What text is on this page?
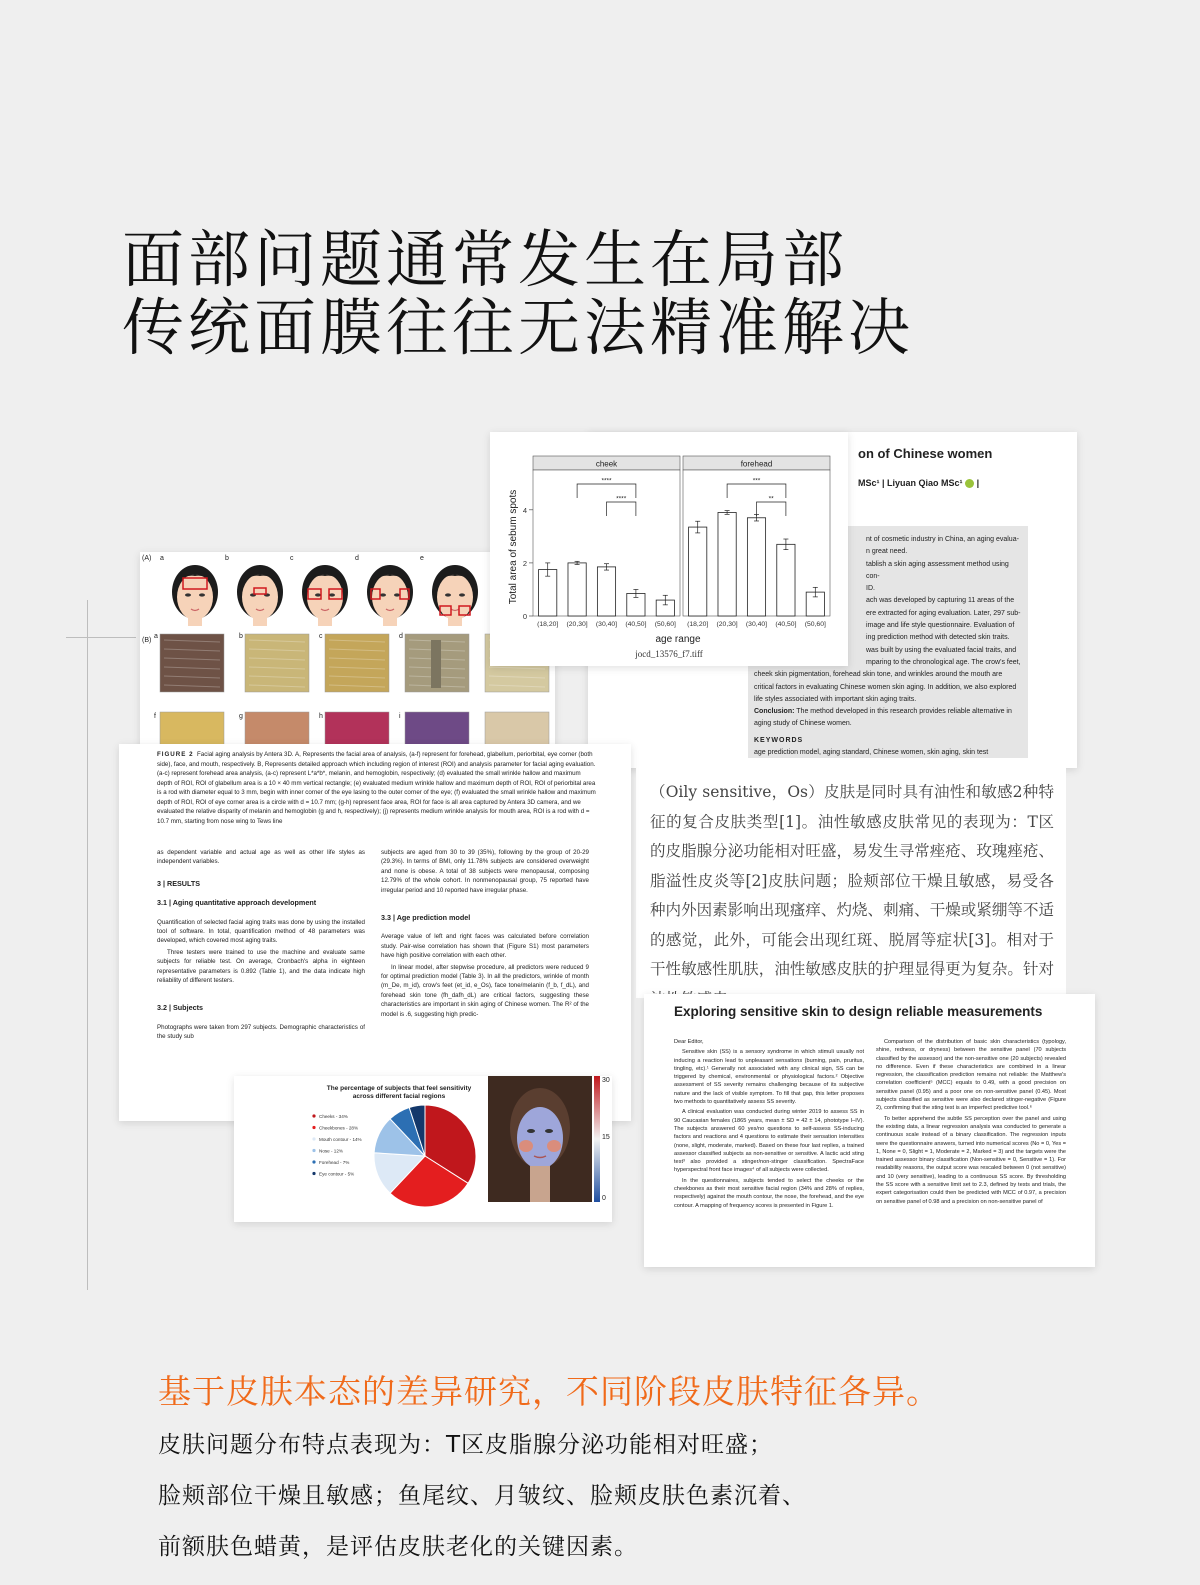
面部问题通常发生在局部
传统面膜往往无法精准解决
on of Chinese women
MSc¹ | Liyuan Qiao MSc¹ |
nt of cosmetic industry in China, an aging evalua-
n great need.
tablish a skin aging assessment method using con-
ID.
ach was developed by capturing 11 areas of the
ere extracted for aging evaluation. Later, 297 sub-
image and life style questionnaire. Evaluation of
ing prediction method with detected skin traits.
was built by using the evaluated facial traits, and
mparing to the chronological age. The crow's feet,
cheek skin pigmentation, forehead skin tone, and wrinkles around the mouth are
critical factors in evaluating Chinese women skin aging. In addition, we also explored
life styles associated with important skin aging traits.
Conclusion: The method developed in this research provides reliable alternative in aging study of Chinese women.
KEYWORDS
age prediction model, aging standard, Chinese women, skin aging, skin test
(A)
(B)
a	b	c	d	e
a	b	c	d
f	g	h	i
Total area of sebum spots
age range
0
2
4
cheek
(18,20] (20,30] (30,40] (40,50] (50,60]
****
****
forehead
(18,20] (20,30] (30,40] (40,50] (50,60]
***
**
jocd_13576_f7.tiff
（Oily sensitive，Os）皮肤是同时具有油性和敏感2种特征的复合皮肤类型[1]。油性敏感皮肤常见的表现为：T区的皮脂腺分泌功能相对旺盛，易发生寻常痤疮、玫瑰痤疮、脂溢性皮炎等[2]皮肤问题；脸颊部位干燥且敏感，易受各种内外因素影响出现瘙痒、灼烧、刺痛、干燥或紧绷等不适的感觉，此外，可能会出现红斑、脱屑等症状[3]。相对于干性敏感性肌肤，油性敏感皮肤的护理显得更为复杂。针对
FIGURE 2 Facial aging analysis by Antera 3D. A, Represents the facial area of analysis, (a-f) represent for forehead, glabellum, periorbital, eye corner (both side), face, and mouth, respectively. B, Represents detailed approach which including region of interest (ROI) and analysis parameter for facial aging evaluation. (a-c) represent forehead area analysis, (a-c) represent L*a*b*, melanin, and hemoglobin, respectively; (d) evaluated the small wrinkle hallow and maximum depth of ROI, ROI of glabellum area is a 10 × 40 mm vertical rectangle; (e) evaluated medium wrinkle hallow and maximum depth of ROI, ROI of periorbital area is a rod with diameter equal to 3 mm, begin with inner corner of the eye lasing to the outer corner of the eye; (f) evaluated the small wrinkle hallow and maximum depth of ROI, ROI of eye corner area is a circle with d = 10.7 mm; (g-h) represent face area, ROI for face is all area captured by Antera 3D camera, and we evaluated the relative disparity of melanin and hemoglobin (g and h, respectively); (j) represents medium wrinkle analysis for mouth area, ROI is a rod with d = 10.7 mm, starting from nose wing to Tews line

as dependent variable and actual age as well as other life styles as independent variables.

3 | RESULTS
3.1 | Aging quantitative approach development

Quantification of selected facial aging traits was done by using the installed tool of software. In total, quantification method of 48 parameters was developed, which covered most aging traits.

Three testers were trained to use the machine and evaluate same subjects for reliable test. On average, Cronbach's alpha in eighteen representative parameters is 0.892 (Table 1), and the data indicate high reliability of different testers.

3.2 | Subjects

Photographs were taken from 297 subjects. Demographic characteristics of the study sub

subjects are aged from 30 to 39 (35%), following by the group of 20-29 (29.3%). In terms of BMI, only 11.78% subjects are considered overweight and none is obese. A total of 38 subjects were menopausal, composing 12.79% of the whole cohort. In nonmenopausal group, 75 reported have irregular period and 10 reported have irregular phase.

3.3 | Age prediction model

Average value of left and right faces was calculated before correlation study. Pair-wise correlation has shown that (Figure S1) most parameters have high positive correlation with each other.

In linear model, after stepwise procedure, all predictors were reduced 9 for optimal prediction model (Table 3). In all the predictors, wrinkle of month (m_De, m_id), crow's feet (et_id, e_Os), face tone/melanin (f_b, f_dL), and forehead skin tone (fh_dafh_dL) are critical factors, suggesting these characteristics are important in skin aging of Chinese women. The R² of the model is .6, suggesting high predic-	Exploring sensitive skin to design reliable measurements

Dear Editor,

Sensitive skin (SS) is a sensory syndrome in which stimuli usually not inducing a reaction lead to unpleasant sensations (burning, pain, pruritus, tingling, etc).¹ Generally not associated with any clinical sign, SS can be triggered by chemical, environmental or physiological factors.² Objective assessment of SS severity remains challenging because of its subjective nature and the lack of visible symptom. To fill that gap, this letter proposes two methods to quantitatively assess SS severity.

A clinical evaluation was conducted during winter 2019 to assess SS in 90 Caucasian females (1865 years, mean ± SD = 42 ± 14, phototype I–IV). The subjects answered 60 yes/no questions to self-assess SS-inducing factors and reactions and 4 questions to estimate their sensation intensities (none, slight, moderate, marked). Based on these four last replies, a trained assessor classified subjects as non-sensitive or sensitive. A lactic acid sting test³ also provided a stinger/non-stinger classification. SpectraFace hyperspectral front face images⁴ of all subjects were collected.

In the questionnaires, subjects tended to select the cheeks or the cheekbones as their most sensitive facial region (34% and 28% of replies, respectively) against the mouth contour, the nose, the forehead, and the eye contour. A mapping of frequency scores is presented in Figure 1.

Comparison of the distribution of basic skin characteristics (typology, shine, redness, or dryness) between the sensitive panel (70 subjects classified by the assessor) and the non-sensitive one (20 subjects) revealed no difference. Even if these characteristics are combined in a linear regression, the classification prediction remains not reliable: the Matthew's correlation coefficient⁵ (MCC) equals to 0.49, with a good precision on sensitive panel (0.95) and a poor one on non-sensitive panel (0.45). Most subjects classified as sensitive were also declared stinger-negative (Figure 2), confirming that the sting test is an imperfect predictive tool.⁶

To better apprehend the subtle SS perception over the panel and using the existing data, a linear regression analysis was conducted to generate a continuous scale instead of a binary classification. The regression inputs were the questionnaire answers, turned into numerical scores (No = 0, Yes = 1, None = 0, Slight = 1, Moderate = 2, Marked = 3) and the targets were the trained assessor binary classification (Non-sensitive = 0, Sensitive = 1). For readability reasons, the output score was rescaled between 0 (not sensitive) and 10 (very sensitive), leading to a continuous SS score. By thresholding the SS score with a sensitive limit set to 2.3, defined by tests and trials, the expert categorisation could then be predicted with MCC of 0.97, a precision on sensitive panel of 0.98 and a precision on non-sensitive panel of

The percentage of subjects that feel sensitivity
across different facial regions
Cheeks - 34%
Cheekbones - 28%
Mouth contour - 14%
Nose - 12%
Forehead - 7%
Eye contour - 5%
30
15
0
基于皮肤本态的差异研究，不同阶段皮肤特征各异。
皮肤问题分布特点表现为：T区皮脂腺分泌功能相对旺盛；
脸颊部位干燥且敏感；鱼尾纹、月皱纹、脸颊皮肤色素沉着、
前额肤色蜡黄，是评估皮肤老化的关键因素。
